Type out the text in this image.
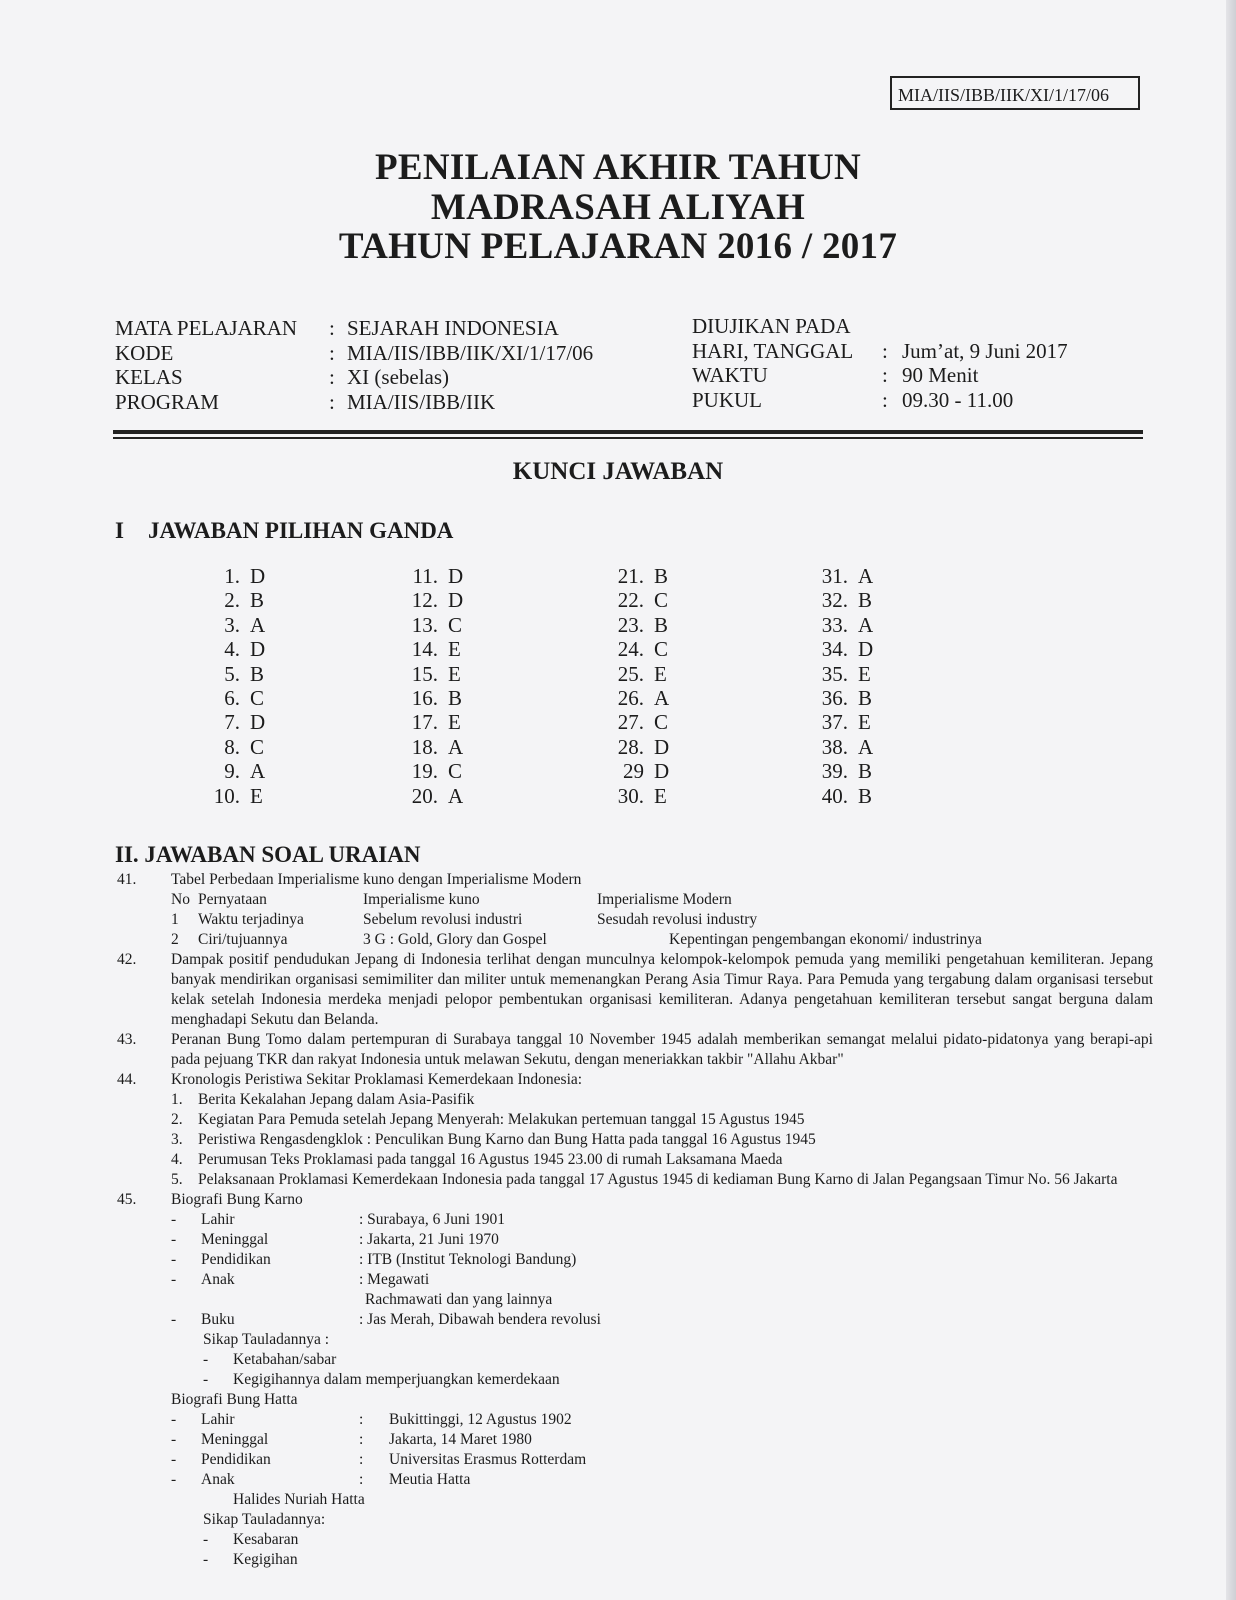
MIA/IIS/IBB/IIK/XI/1/17/06
PENILAIAN AKHIR TAHUN
MADRASAH ALIYAH
TAHUN PELAJARAN 2016 / 2017
MATA PELAJARAN : SEJARAH INDONESIA
KODE	: MIA/IIS/IBB/IIK/XI/1/17/06
KELAS	: XI (sebelas)
PROGRAM	: MIA/IIS/IBB/IIK
DIUJIKAN PADA
HARI, TANGGAL : Jum’at, 9 Juni 2017
WAKTU	: 90 Menit
PUKUL	: 09.30 - 11.00
KUNCI JAWABAN
I JAWABAN PILIHAN GANDA
1. D
2. B
3. A
4. D
5. B
6. C
7. D
8. C
9. A
10. E
11. D
12. D
13. C
14. E
15. E
16. B
17. E
18. A
19. C
20. A
21. B
22. C
23. B
24. C
25. E
26. A
27. C
28. D
29 D
30. E
31. A
32. B
33. A
34. D
35. E
36. B
37. E
38. A
39. B
40. B
II. JAWABAN SOAL URAIAN
41. Tabel Perbedaan Imperialisme kuno dengan Imperialisme Modern
No Pernyataan	Imperialisme kuno	Imperialisme Modern
1 Waktu terjadinya	Sebelum revolusi industri	Sesudah revolusi industry
2 Ciri/tujuannya	3 G : Gold, Glory dan Gospel	Kepentingan pengembangan ekonomi/ industrinya
42. Dampak positif pendudukan Jepang di Indonesia terlihat dengan munculnya kelompok-kelompok pemuda yang memiliki pengetahuan kemiliteran. Jepang banyak mendirikan organisasi semimiliter dan militer untuk memenangkan Perang Asia Timur Raya. Para Pemuda yang tergabung dalam organisasi tersebut kelak setelah Indonesia merdeka menjadi pelopor pembentukan organisasi kemiliteran. Adanya pengetahuan kemiliteran tersebut sangat berguna dalam menghadapi Sekutu dan Belanda.
43. Peranan Bung Tomo dalam pertempuran di Surabaya tanggal 10 November 1945 adalah memberikan semangat melalui pidato-pidatonya yang berapi-api pada pejuang TKR dan rakyat Indonesia untuk melawan Sekutu, dengan meneriakkan takbir "Allahu Akbar"
44. Kronologis Peristiwa Sekitar Proklamasi Kemerdekaan Indonesia:
1. Berita Kekalahan Jepang dalam Asia-Pasifik
2. Kegiatan Para Pemuda setelah Jepang Menyerah: Melakukan pertemuan tanggal 15 Agustus 1945
3. Peristiwa Rengasdengklok : Penculikan Bung Karno dan Bung Hatta pada tanggal 16 Agustus 1945
4. Perumusan Teks Proklamasi pada tanggal 16 Agustus 1945 23.00 di rumah Laksamana Maeda
5. Pelaksanaan Proklamasi Kemerdekaan Indonesia pada tanggal 17 Agustus 1945 di kediaman Bung Karno di Jalan Pegangsaan Timur No. 56 Jakarta
45. Biografi Bung Karno
- Lahir	: Surabaya, 6 Juni 1901
- Meninggal	: Jakarta, 21 Juni 1970
- Pendidikan	: ITB (Institut Teknologi Bandung)
- Anak	: Megawati
Rachmawati dan yang lainnya
- Buku	: Jas Merah, Dibawah bendera revolusi
Sikap Tauladannya :
- Ketabahan/sabar
- Kegigihannya dalam memperjuangkan kemerdekaan
Biografi Bung Hatta
- Lahir	: Bukittinggi, 12 Agustus 1902
- Meninggal	: Jakarta, 14 Maret 1980
- Pendidikan	: Universitas Erasmus Rotterdam
- Anak	: Meutia Hatta
Halides Nuriah Hatta
Sikap Tauladannya:
- Kesabaran
- Kegigihan
